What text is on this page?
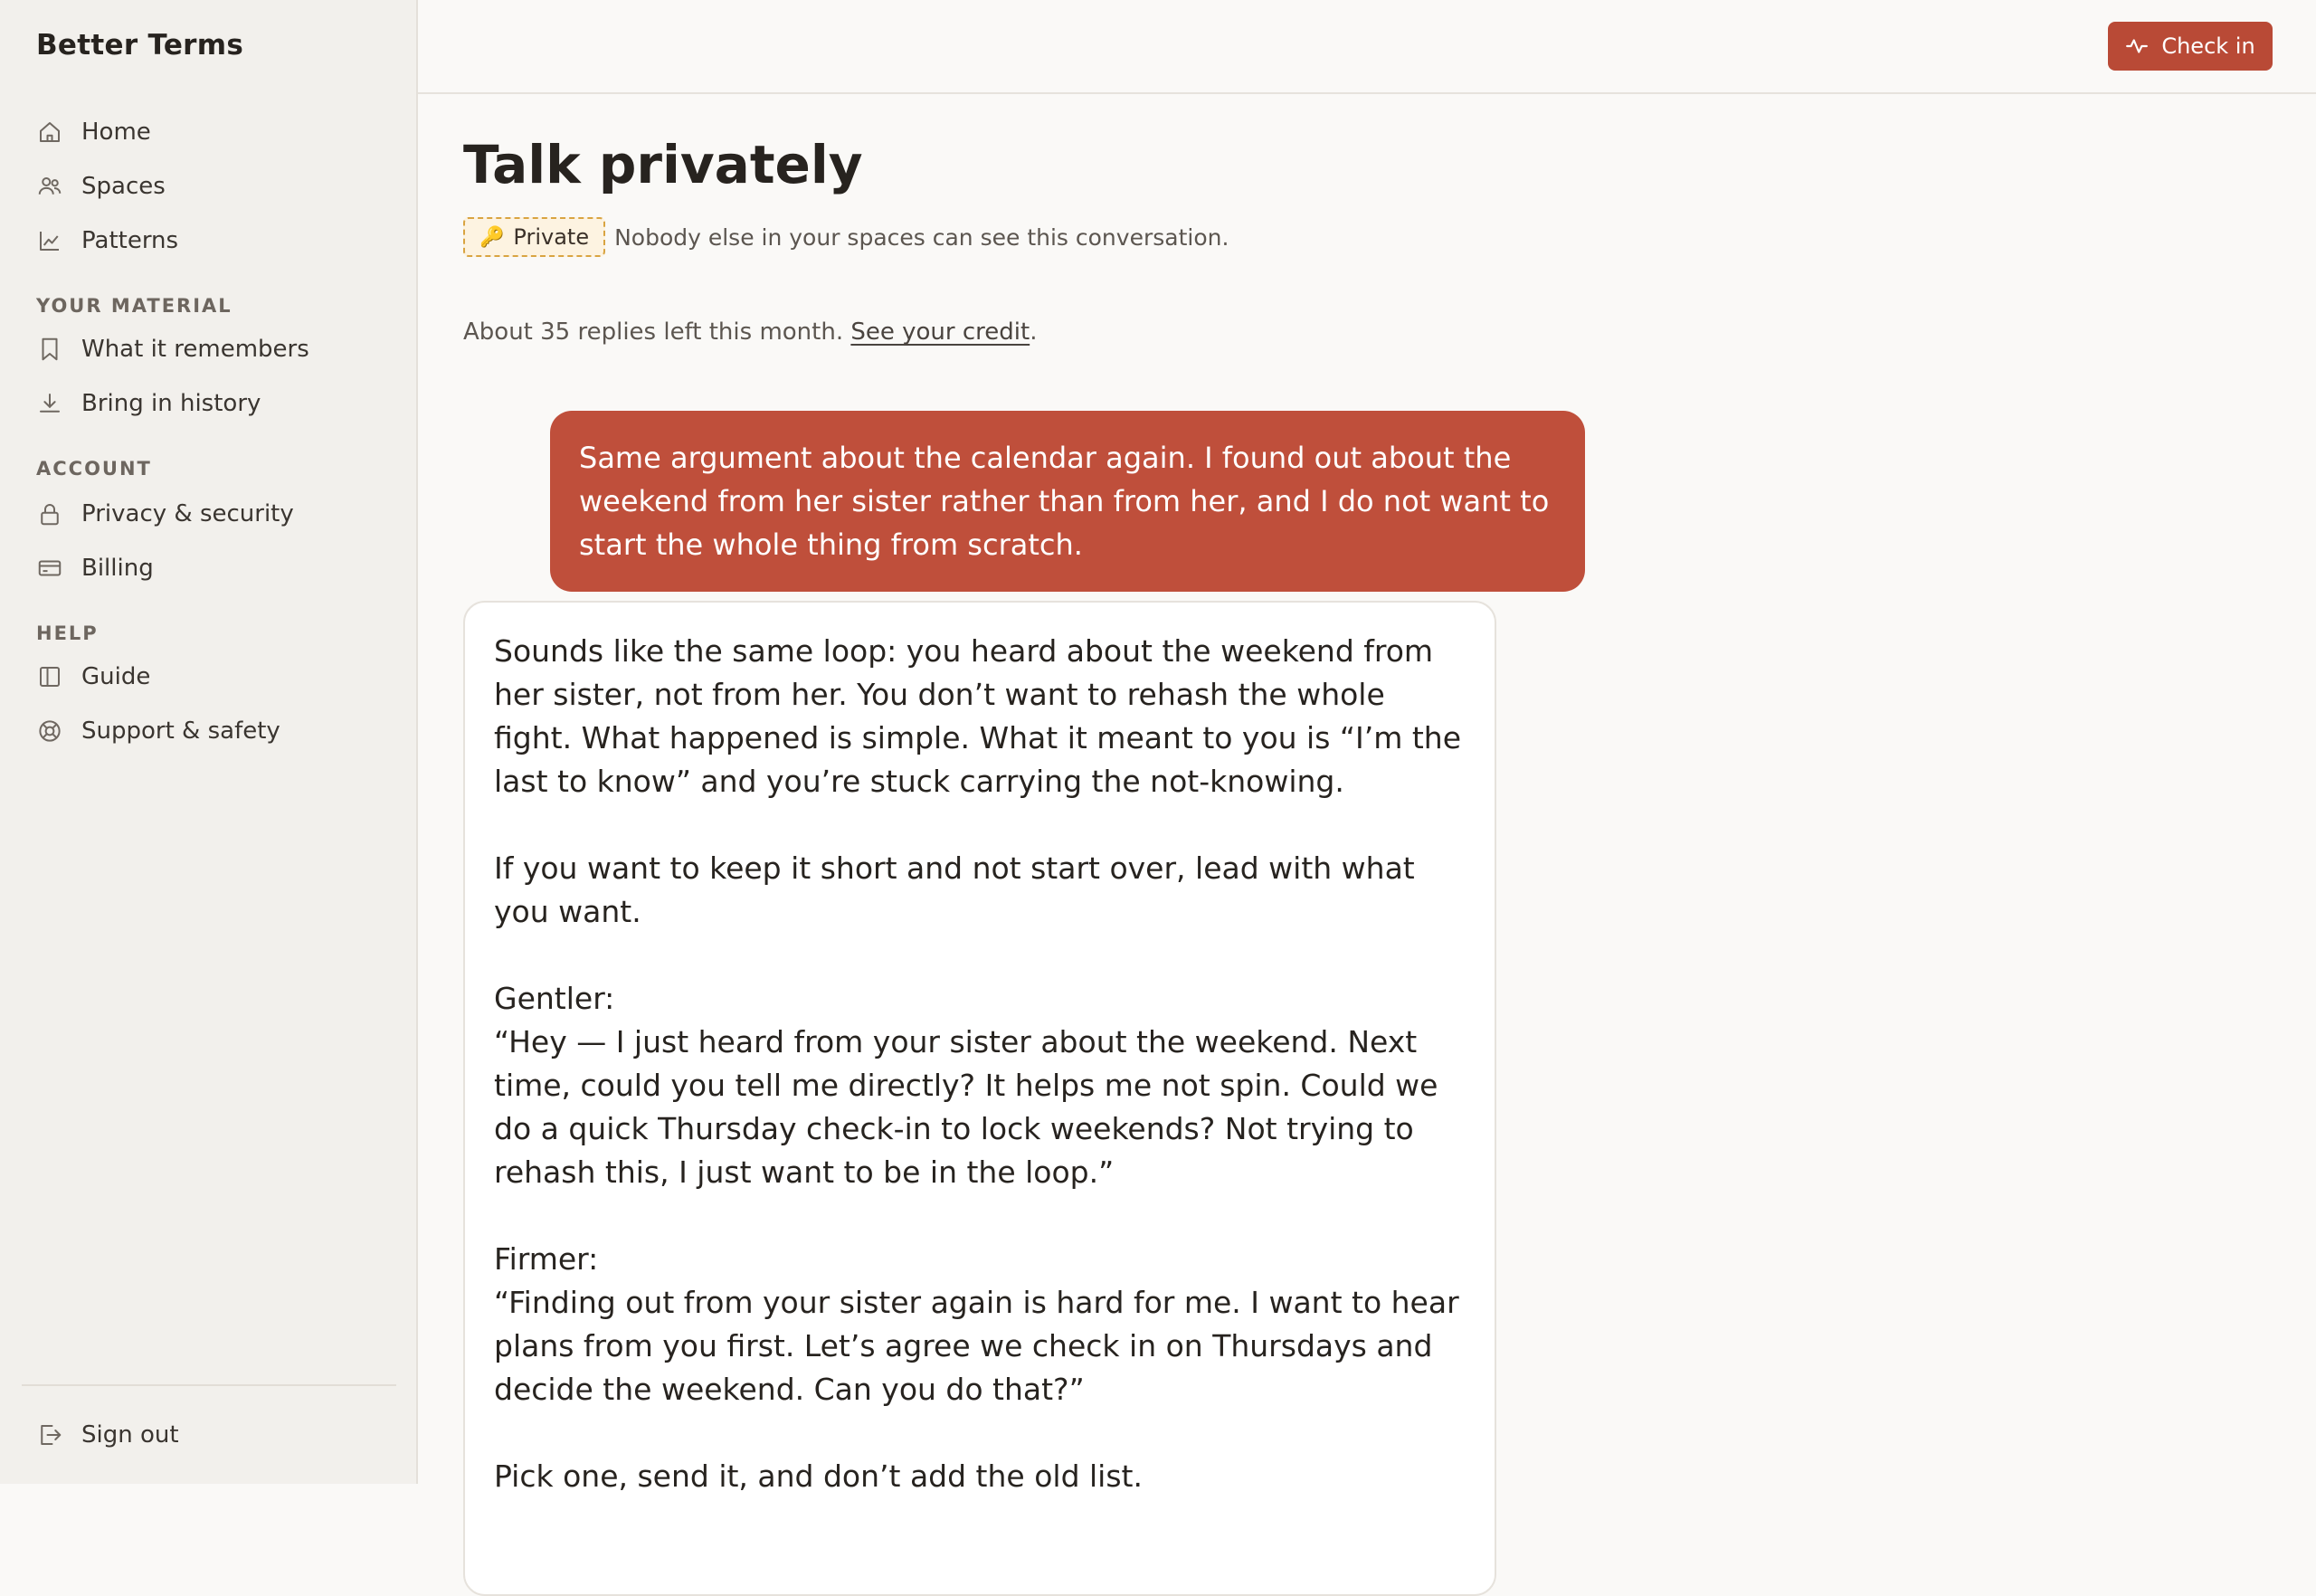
Better Terms
Home
Spaces
Patterns
YOUR MATERIAL
What it remembers
Bring in history
ACCOUNT
Privacy & security
Billing
HELP
Guide
Support & safety
Sign out
Check in
Talk privately
🔑 Private Nobody else in your spaces can see this conversation.
About 35 replies left this month. See your credit.
Same argument about the calendar again. I found out about the weekend from her sister rather than from her, and I do not want to start the whole thing from scratch.

Sounds like the same loop: you heard about the weekend from her sister, not from her. You don’t want to rehash the whole fight. What happened is simple. What it meant to you is “I’m the last to know” and you’re stuck carrying the not-knowing.

If you want to keep it short and not start over, lead with what you want.

Gentler:

“Hey — I just heard from your sister about the weekend. Next time, could you tell me directly? It helps me not spin. Could we do a quick Thursday check-in to lock weekends? Not trying to rehash this, I just want to be in the loop.”

Firmer:

“Finding out from your sister again is hard for me. I want to hear plans from you first. Let’s agree we check in on Thursdays and decide the weekend. Can you do that?”

Pick one, send it, and don’t add the old list.
